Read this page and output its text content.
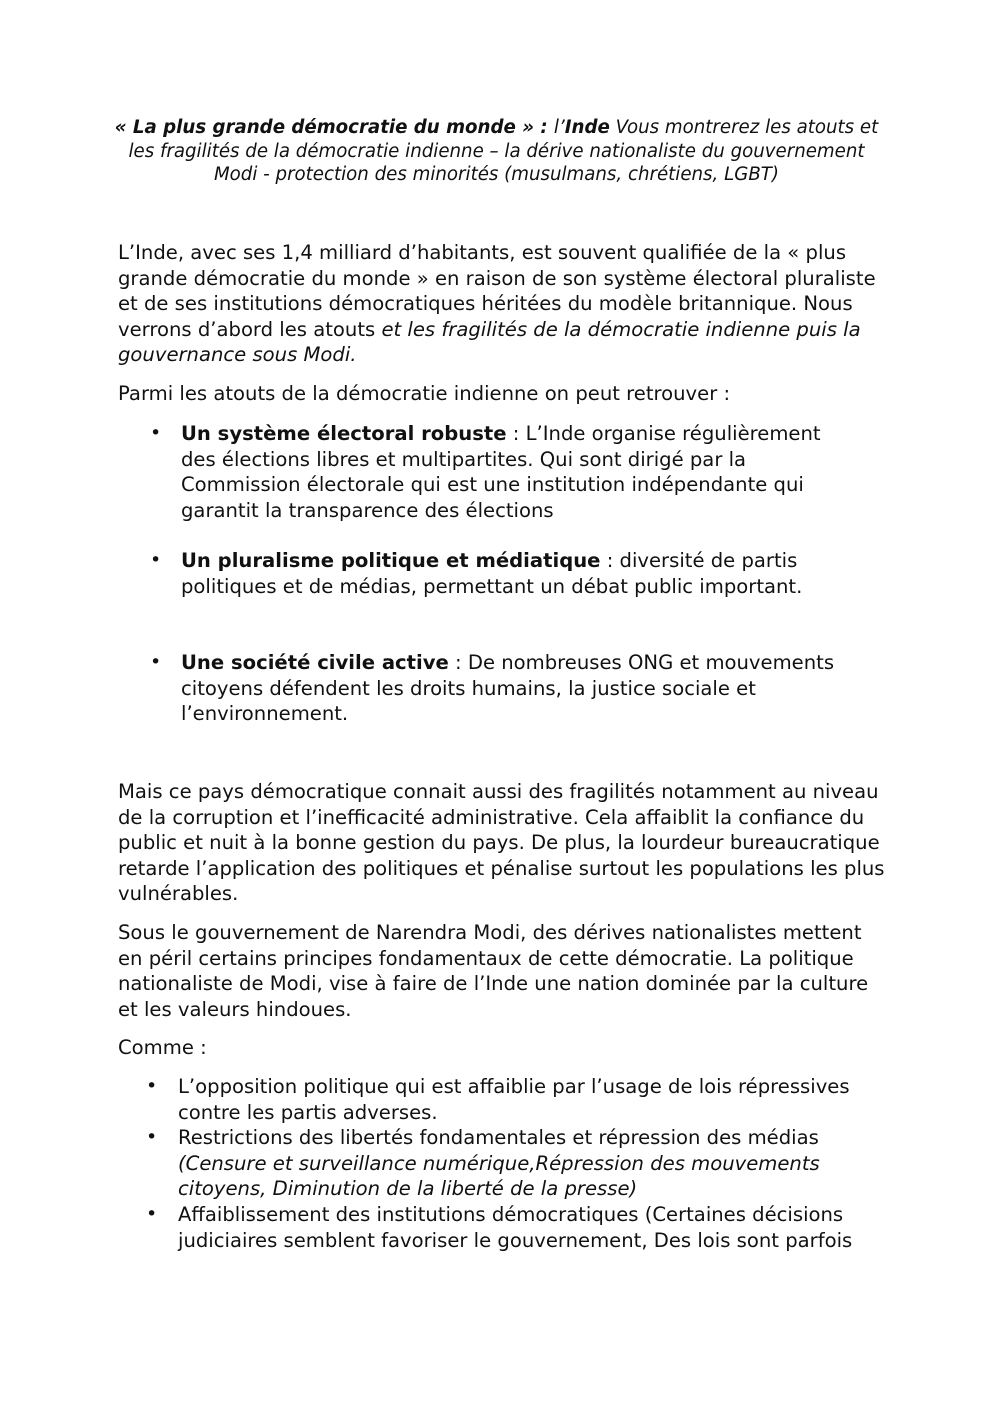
« La plus grande démocratie du monde » : l’Inde Vous montrerez les atouts et les fragilités de la démocratie indienne – la dérive nationaliste du gouvernement Modi - protection des minorités (musulmans, chrétiens, LGBT)

L’Inde, avec ses 1,4 milliard d’habitants, est souvent qualifiée de la « plus grande démocratie du monde » en raison de son système électoral pluraliste et de ses institutions démocratiques héritées du modèle britannique. Nous verrons d’abord les atouts et les fragilités de la démocratie indienne puis la gouvernance sous Modi.

Parmi les atouts de la démocratie indienne on peut retrouver :

• Un système électoral robuste : L’Inde organise régulièrement des élections libres et multipartites. Qui sont dirigé par la Commission électorale qui est une institution indépendante qui garantit la transparence des élections
• Un pluralisme politique et médiatique : diversité de partis politiques et de médias, permettant un débat public important.
• Une société civile active : De nombreuses ONG et mouvements citoyens défendent les droits humains, la justice sociale et l’environnement.

Mais ce pays démocratique connait aussi des fragilités notamment au niveau de la corruption et l’inefficacité administrative. Cela affaiblit la confiance du public et nuit à la bonne gestion du pays. De plus, la lourdeur bureaucratique retarde l’application des politiques et pénalise surtout les populations les plus vulnérables.

Sous le gouvernement de Narendra Modi, des dérives nationalistes mettent en péril certains principes fondamentaux de cette démocratie. La politique nationaliste de Modi, vise à faire de l’Inde une nation dominée par la culture et les valeurs hindoues.

Comme :

• L’opposition politique qui est affaiblie par l’usage de lois répressives contre les partis adverses.
• Restrictions des libertés fondamentales et répression des médias (Censure et surveillance numérique,Répression des mouvements citoyens, Diminution de la liberté de la presse)
• Affaiblissement des institutions démocratiques (Certaines décisions judiciaires semblent favoriser le gouvernement, Des lois sont parfois
